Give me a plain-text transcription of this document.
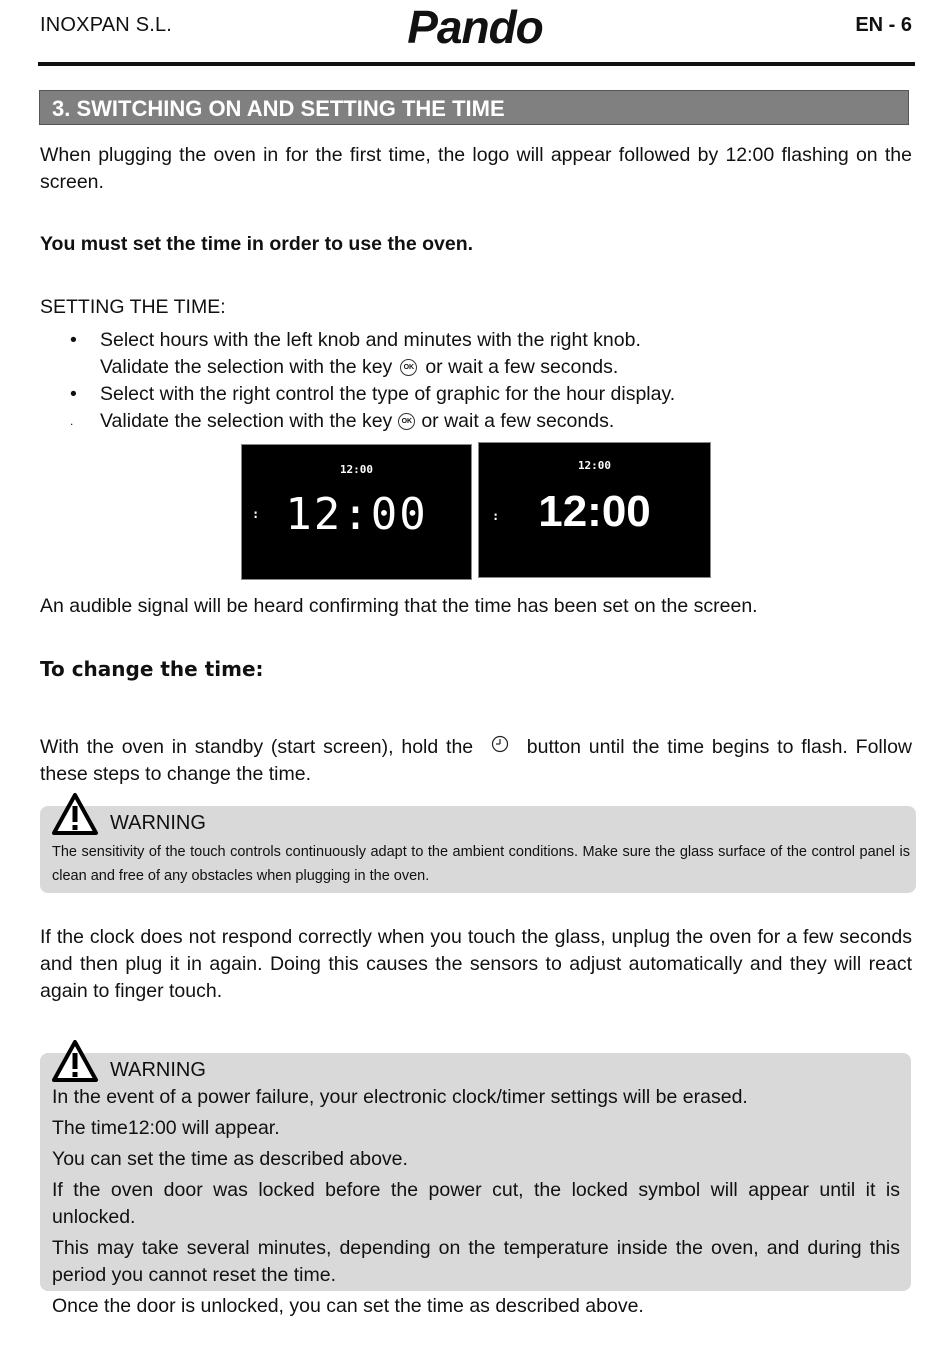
INOXPAN S.L.	Pando	EN - 6
3. SWITCHING ON AND SETTING THE TIME
When plugging the oven in for the first time, the logo will appear followed by 12:00 flashing on the screen.
You must set the time in order to use the oven.
SETTING THE TIME:
• Select hours with the left knob and minutes with the right knob.
Validate the selection with the key OK or wait a few seconds.
• Select with the right control the type of graphic for the hour display.
. Validate the selection with the key OK or wait a few seconds.
12:00
12:00
:
12:00
12:00
:
An audible signal will be heard confirming that the time has been set on the screen.
To change the time:
With the oven in standby (start screen), hold the	button until the time begins to flash. Follow these steps to change the time.
The sensitivity of the touch controls continuously adapt to the ambient conditions. Make sure the glass surface of the control panel is clean and free of any obstacles when plugging in the oven.
WARNING
If the clock does not respond correctly when you touch the glass, unplug the oven for a few seconds and then plug it in again. Doing this causes the sensors to adjust automatically and they will react again to finger touch.
In the event of a power failure, your electronic clock/timer settings will be erased.
The time12:00 will appear.
You can set the time as described above.
If the oven door was locked before the power cut, the locked symbol will appear until it is unlocked.
This may take several minutes, depending on the temperature inside the oven, and during this period you cannot reset the time.
Once the door is unlocked, you can set the time as described above.
WARNING
